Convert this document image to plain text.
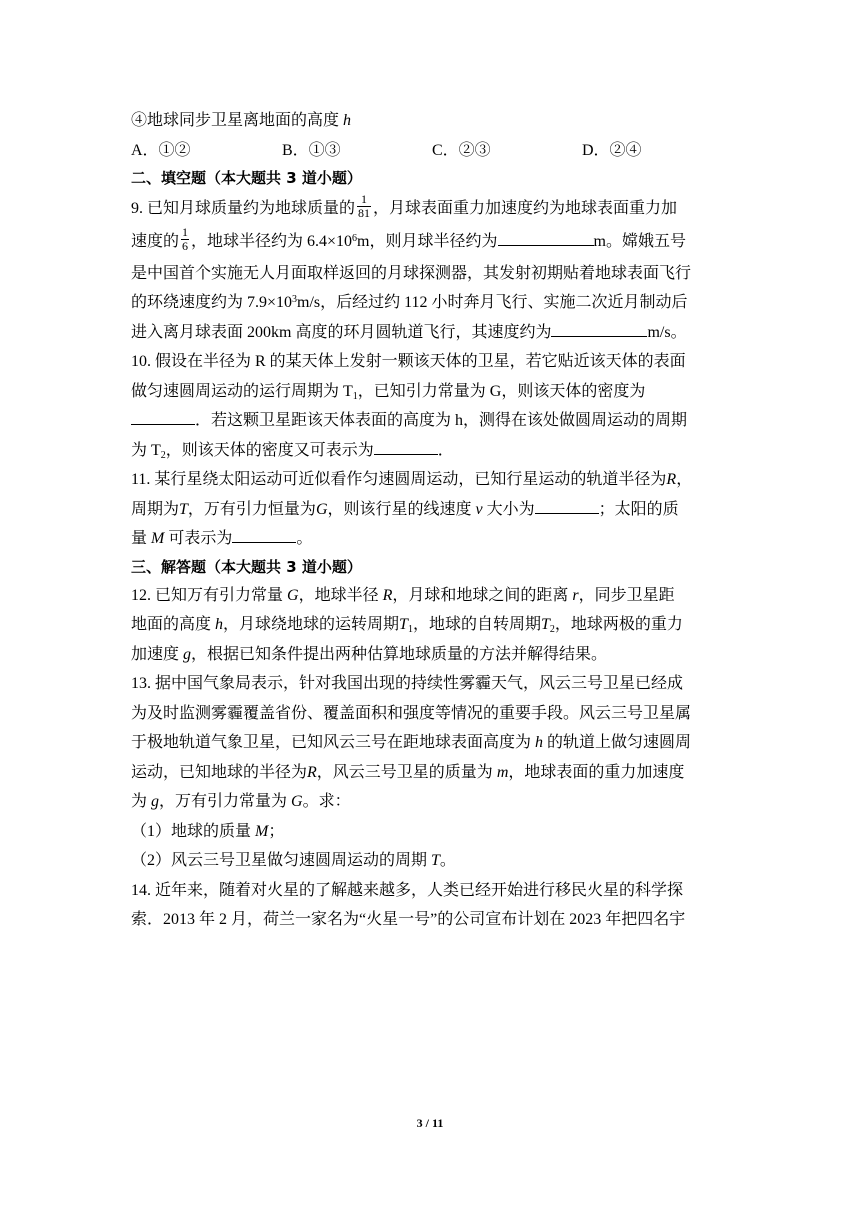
④地球同步卫星离地面的高度 h
A．①②	B．①③	C．②③	D．②④
二、填空题（本大题共 3 道小题）
9. 已知月球质量约为地球质量的 $\frac{1}{81}$ ，月球表面重力加速度约为地球表面重力加
速度的 $\frac{1}{6}$ ，地球半径约为 $6.4\times 10^6m$，则月球半径约为	m。嫦娥五号
是中国首个实施无人月面取样返回的月球探测器，其发射初期贴着地球表面飞行
的环绕速度约为 $7.9\times 10^3m/s$，后经过约 112 小时奔月飞行、实施二次近月制动后
进入离月球表面 200km 高度的环月圆轨道飞行，其速度约为	m/s。
10. 假设在半径为 R 的某天体上发射一颗该天体的卫星，若它贴近该天体的表面
做匀速圆周运动的运行周期为 $T_1$，已知引力常量为 G，则该天体的密度为
．若这颗卫星距该天体表面的高度为 h，测得在该处做圆周运动的周期
为 $T_2$，则该天体的密度又可表示为	．
11. 某行星绕太阳运动可近似看作匀速圆周运动，已知行星运动的轨道半径为R，
周期为T，万有引力恒量为G，则该行星的线速度 v 大小为	；太阳的质
量 M 可表示为	。
三、解答题（本大题共 3 道小题）
12. 已知万有引力常量 G，地球半径 R，月球和地球之间的距离 r，同步卫星距
地面的高度 h，月球绕地球的运转周期$T_1$，地球的自转周期$T_2$，地球两极的重力
加速度 g，根据已知条件提出两种估算地球质量的方法并解得结果。
13. 据中国气象局表示，针对我国出现的持续性雾霾天气，风云三号卫星已经成
为及时监测雾霾覆盖省份、覆盖面积和强度等情况的重要手段。风云三号卫星属
于极地轨道气象卫星，已知风云三号在距地球表面高度为 h 的轨道上做匀速圆周
运动，已知地球的半径为R，风云三号卫星的质量为 m，地球表面的重力加速度
为 g，万有引力常量为 G。求：
（1）地球的质量 M；
（2）风云三号卫星做匀速圆周运动的周期 T。
14. 近年来，随着对火星的了解越来越多，人类已经开始进行移民火星的科学探
索．2013 年 2 月，荷兰一家名为“火星一号”的公司宣布计划在 2023 年把四名宇
3 / 11
